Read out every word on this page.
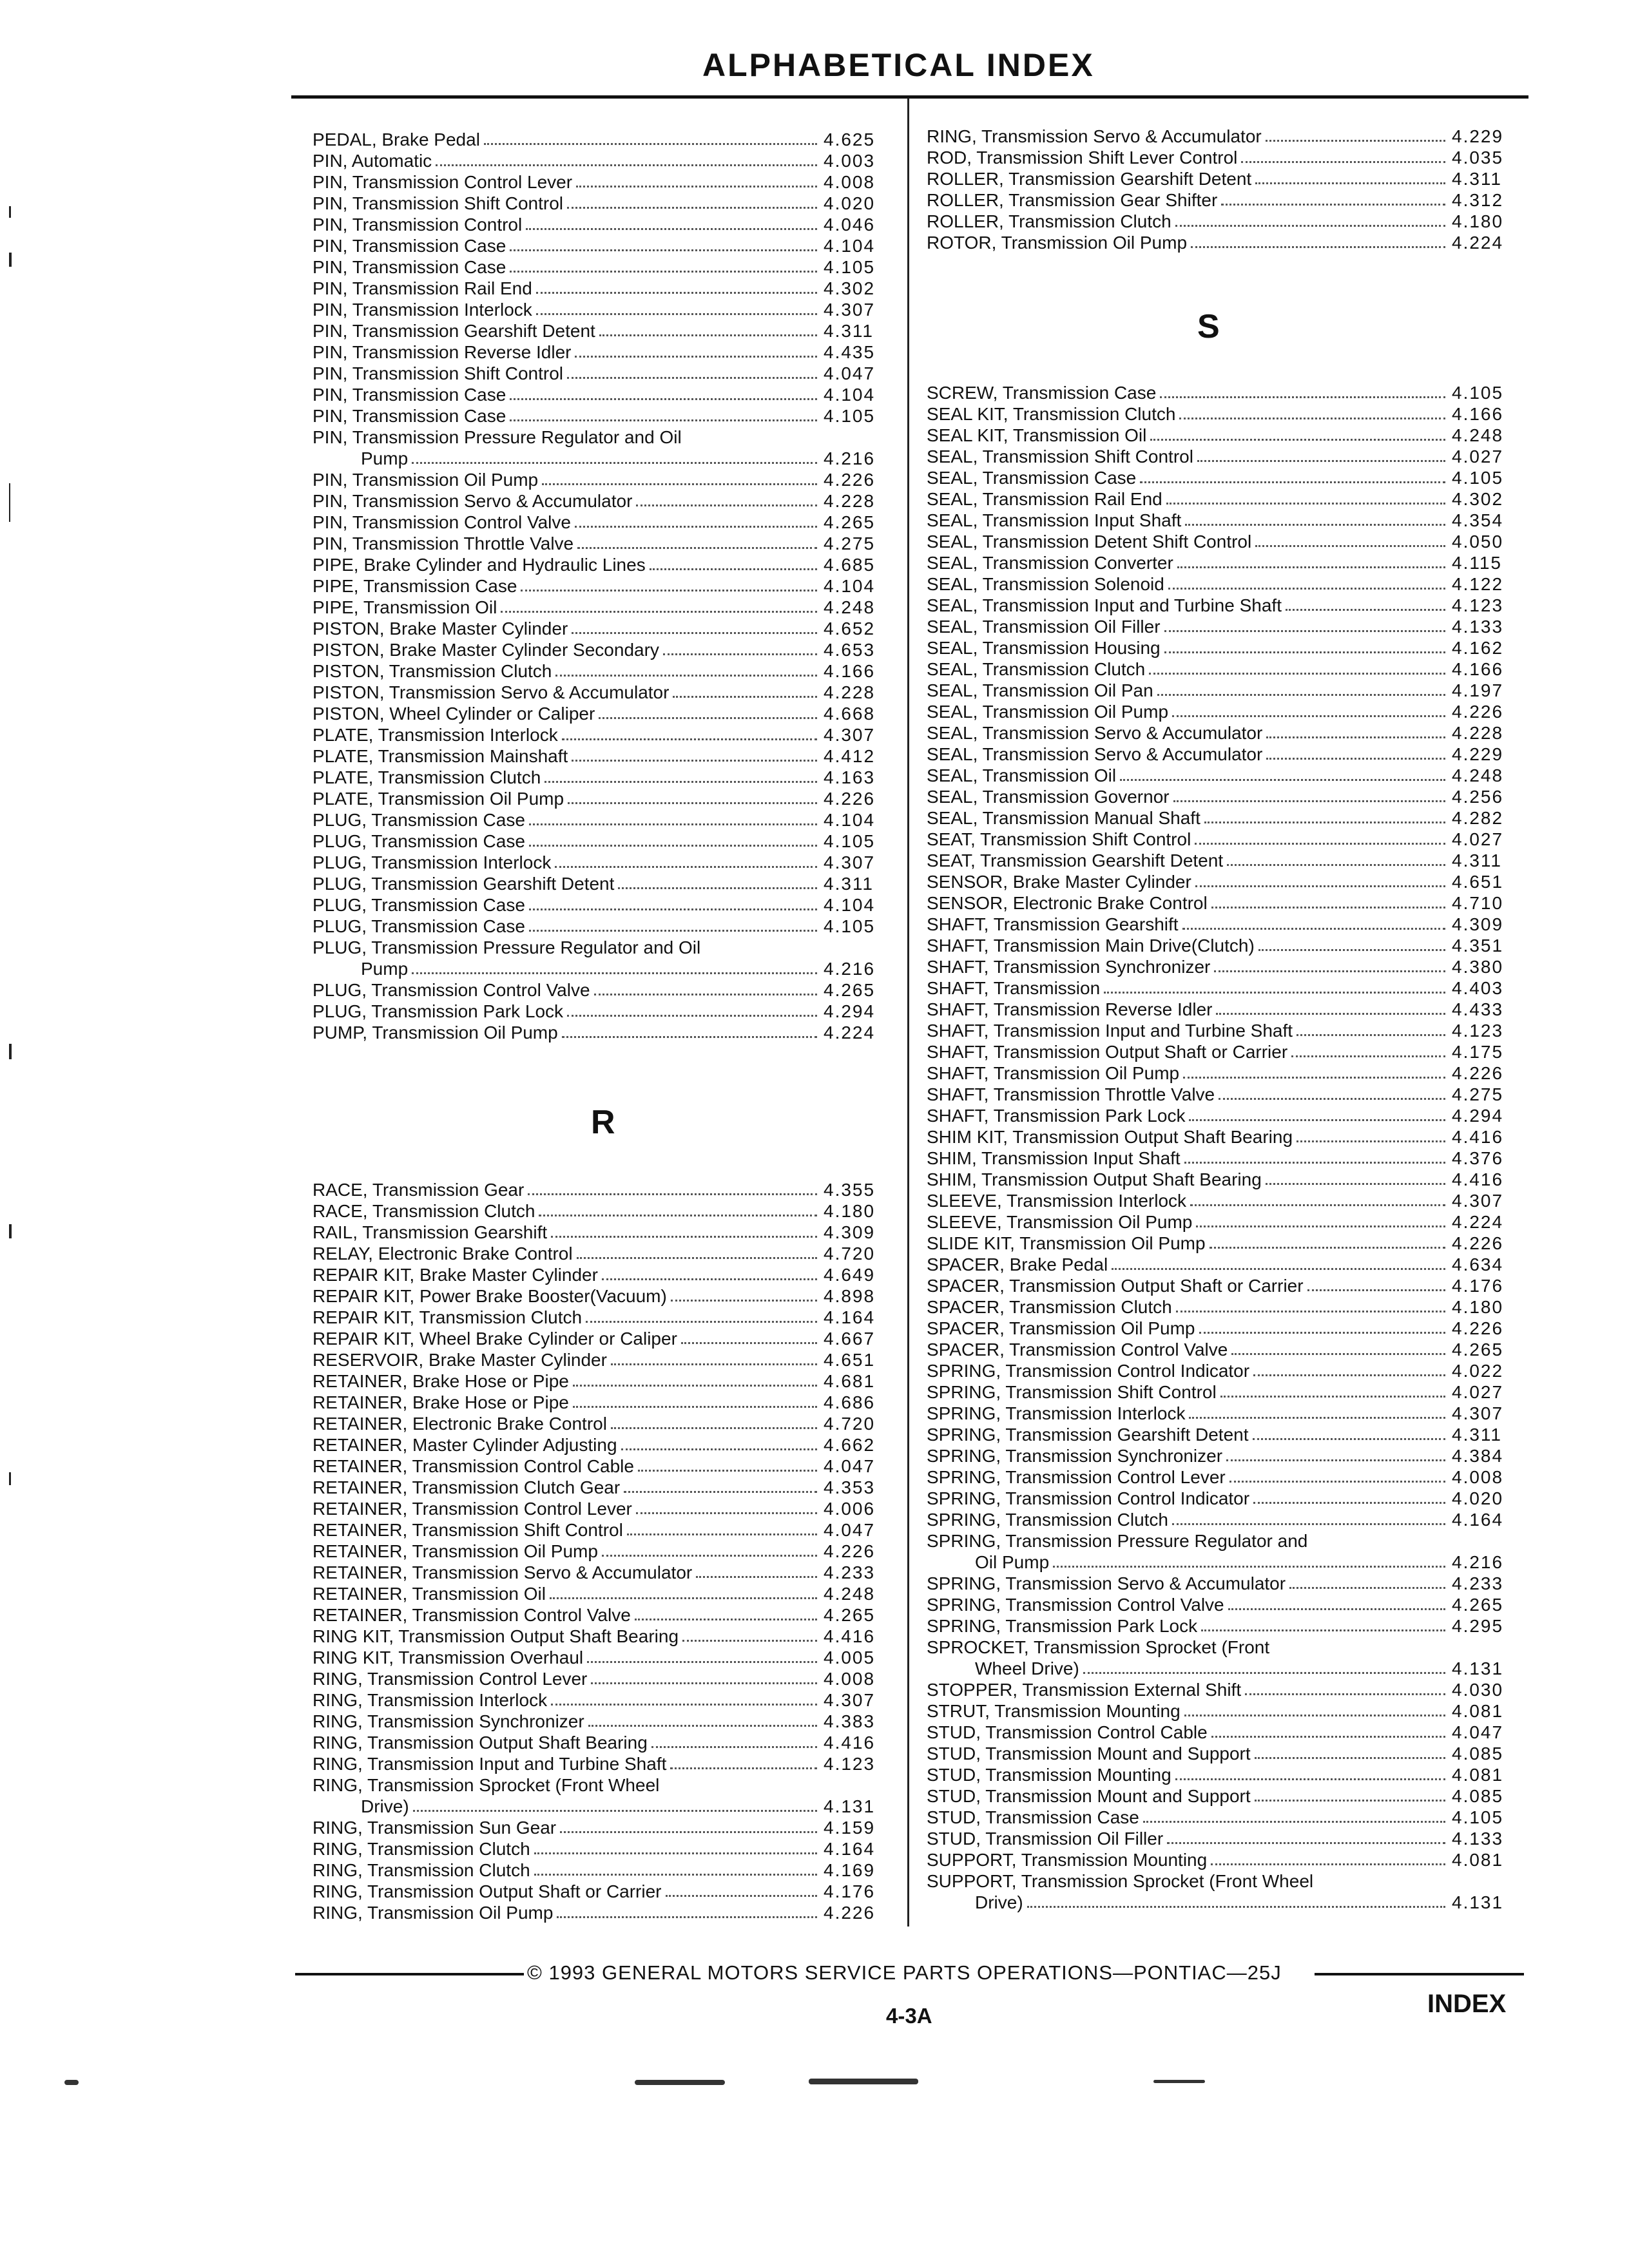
ALPHABETICAL INDEX
PEDAL, Brake Pedal	4.625
PIN, Automatic	4.003
PIN, Transmission Control Lever	4.008
PIN, Transmission Shift Control	4.020
PIN, Transmission Control	4.046
PIN, Transmission Case	4.104
PIN, Transmission Case	4.105
PIN, Transmission Rail End	4.302
PIN, Transmission Interlock	4.307
PIN, Transmission Gearshift Detent	4.311
PIN, Transmission Reverse Idler	4.435
PIN, Transmission Shift Control	4.047
PIN, Transmission Case	4.104
PIN, Transmission Case	4.105
PIN, Transmission Pressure Regulator and Oil
Pump	4.216
PIN, Transmission Oil Pump	4.226
PIN, Transmission Servo & Accumulator	4.228
PIN, Transmission Control Valve	4.265
PIN, Transmission Throttle Valve	4.275
PIPE, Brake Cylinder and Hydraulic Lines	4.685
PIPE, Transmission Case	4.104
PIPE, Transmission Oil	4.248
PISTON, Brake Master Cylinder	4.652
PISTON, Brake Master Cylinder Secondary	4.653
PISTON, Transmission Clutch	4.166
PISTON, Transmission Servo & Accumulator	4.228
PISTON, Wheel Cylinder or Caliper	4.668
PLATE, Transmission Interlock	4.307
PLATE, Transmission Mainshaft	4.412
PLATE, Transmission Clutch	4.163
PLATE, Transmission Oil Pump	4.226
PLUG, Transmission Case	4.104
PLUG, Transmission Case	4.105
PLUG, Transmission Interlock	4.307
PLUG, Transmission Gearshift Detent	4.311
PLUG, Transmission Case	4.104
PLUG, Transmission Case	4.105
PLUG, Transmission Pressure Regulator and Oil
Pump	4.216
PLUG, Transmission Control Valve	4.265
PLUG, Transmission Park Lock	4.294
PUMP, Transmission Oil Pump	4.224
R
RACE, Transmission Gear	4.355
RACE, Transmission Clutch	4.180
RAIL, Transmission Gearshift	4.309
RELAY, Electronic Brake Control	4.720
REPAIR KIT, Brake Master Cylinder	4.649
REPAIR KIT, Power Brake Booster(Vacuum)	4.898
REPAIR KIT, Transmission Clutch	4.164
REPAIR KIT, Wheel Brake Cylinder or Caliper	4.667
RESERVOIR, Brake Master Cylinder	4.651
RETAINER, Brake Hose or Pipe	4.681
RETAINER, Brake Hose or Pipe	4.686
RETAINER, Electronic Brake Control	4.720
RETAINER, Master Cylinder Adjusting	4.662
RETAINER, Transmission Control Cable	4.047
RETAINER, Transmission Clutch Gear	4.353
RETAINER, Transmission Control Lever	4.006
RETAINER, Transmission Shift Control	4.047
RETAINER, Transmission Oil Pump	4.226
RETAINER, Transmission Servo & Accumulator	4.233
RETAINER, Transmission Oil	4.248
RETAINER, Transmission Control Valve	4.265
RING KIT, Transmission Output Shaft Bearing	4.416
RING KIT, Transmission Overhaul	4.005
RING, Transmission Control Lever	4.008
RING, Transmission Interlock	4.307
RING, Transmission Synchronizer	4.383
RING, Transmission Output Shaft Bearing	4.416
RING, Transmission Input and Turbine Shaft	4.123
RING, Transmission Sprocket (Front Wheel
Drive)	4.131
RING, Transmission Sun Gear	4.159
RING, Transmission Clutch	4.164
RING, Transmission Clutch	4.169
RING, Transmission Output Shaft or Carrier	4.176
RING, Transmission Oil Pump	4.226
RING, Transmission Servo & Accumulator	4.229
ROD, Transmission Shift Lever Control	4.035
ROLLER, Transmission Gearshift Detent	4.311
ROLLER, Transmission Gear Shifter	4.312
ROLLER, Transmission Clutch	4.180
ROTOR, Transmission Oil Pump	4.224
S
SCREW, Transmission Case	4.105
SEAL KIT, Transmission Clutch	4.166
SEAL KIT, Transmission Oil	4.248
SEAL, Transmission Shift Control	4.027
SEAL, Transmission Case	4.105
SEAL, Transmission Rail End	4.302
SEAL, Transmission Input Shaft	4.354
SEAL, Transmission Detent Shift Control	4.050
SEAL, Transmission Converter	4.115
SEAL, Transmission Solenoid	4.122
SEAL, Transmission Input and Turbine Shaft	4.123
SEAL, Transmission Oil Filler	4.133
SEAL, Transmission Housing	4.162
SEAL, Transmission Clutch	4.166
SEAL, Transmission Oil Pan	4.197
SEAL, Transmission Oil Pump	4.226
SEAL, Transmission Servo & Accumulator	4.228
SEAL, Transmission Servo & Accumulator	4.229
SEAL, Transmission Oil	4.248
SEAL, Transmission Governor	4.256
SEAL, Transmission Manual Shaft	4.282
SEAT, Transmission Shift Control	4.027
SEAT, Transmission Gearshift Detent	4.311
SENSOR, Brake Master Cylinder	4.651
SENSOR, Electronic Brake Control	4.710
SHAFT, Transmission Gearshift	4.309
SHAFT, Transmission Main Drive(Clutch)	4.351
SHAFT, Transmission Synchronizer	4.380
SHAFT, Transmission	4.403
SHAFT, Transmission Reverse Idler	4.433
SHAFT, Transmission Input and Turbine Shaft	4.123
SHAFT, Transmission Output Shaft or Carrier	4.175
SHAFT, Transmission Oil Pump	4.226
SHAFT, Transmission Throttle Valve	4.275
SHAFT, Transmission Park Lock	4.294
SHIM KIT, Transmission Output Shaft Bearing	4.416
SHIM, Transmission Input Shaft	4.376
SHIM, Transmission Output Shaft Bearing	4.416
SLEEVE, Transmission Interlock	4.307
SLEEVE, Transmission Oil Pump	4.224
SLIDE KIT, Transmission Oil Pump	4.226
SPACER, Brake Pedal	4.634
SPACER, Transmission Output Shaft or Carrier	4.176
SPACER, Transmission Clutch	4.180
SPACER, Transmission Oil Pump	4.226
SPACER, Transmission Control Valve	4.265
SPRING, Transmission Control Indicator	4.022
SPRING, Transmission Shift Control	4.027
SPRING, Transmission Interlock	4.307
SPRING, Transmission Gearshift Detent	4.311
SPRING, Transmission Synchronizer	4.384
SPRING, Transmission Control Lever	4.008
SPRING, Transmission Control Indicator	4.020
SPRING, Transmission Clutch	4.164
SPRING, Transmission Pressure Regulator and
Oil Pump	4.216
SPRING, Transmission Servo & Accumulator	4.233
SPRING, Transmission Control Valve	4.265
SPRING, Transmission Park Lock	4.295
SPROCKET, Transmission Sprocket (Front
Wheel Drive)	4.131
STOPPER, Transmission External Shift	4.030
STRUT, Transmission Mounting	4.081
STUD, Transmission Control Cable	4.047
STUD, Transmission Mount and Support	4.085
STUD, Transmission Mounting	4.081
STUD, Transmission Mount and Support	4.085
STUD, Transmission Case	4.105
STUD, Transmission Oil Filler	4.133
SUPPORT, Transmission Mounting	4.081
SUPPORT, Transmission Sprocket (Front Wheel
Drive)	4.131
© 1993 GENERAL MOTORS SERVICE PARTS OPERATIONS—PONTIAC—25J
4-3A	INDEX
